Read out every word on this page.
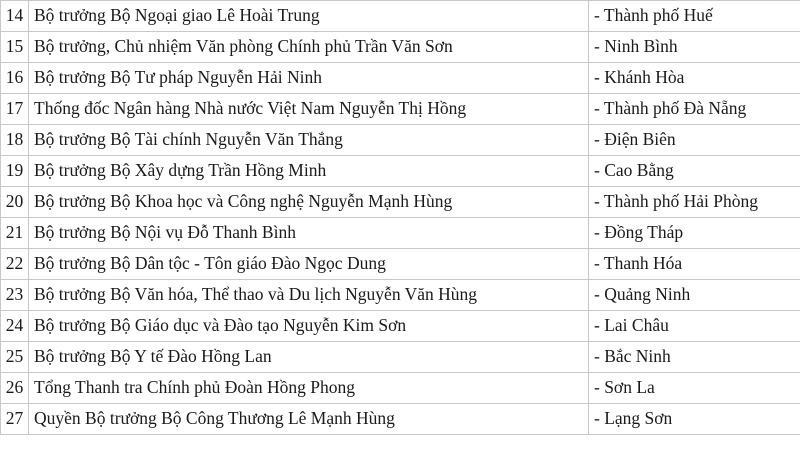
14	Bộ trưởng Bộ Ngoại giao Lê Hoài Trung	- Thành phố Huế
15	Bộ trưởng, Chủ nhiệm Văn phòng Chính phủ Trần Văn Sơn	- Ninh Bình
16	Bộ trưởng Bộ Tư pháp Nguyễn Hải Ninh	- Khánh Hòa
17	Thống đốc Ngân hàng Nhà nước Việt Nam Nguyễn Thị Hồng	- Thành phố Đà Nẵng
18	Bộ trưởng Bộ Tài chính Nguyễn Văn Thắng	- Điện Biên
19	Bộ trưởng Bộ Xây dựng Trần Hồng Minh	- Cao Bằng
20	Bộ trưởng Bộ Khoa học và Công nghệ Nguyễn Mạnh Hùng	- Thành phố Hải Phòng
21	Bộ trưởng Bộ Nội vụ Đỗ Thanh Bình	- Đồng Tháp
22	Bộ trưởng Bộ Dân tộc - Tôn giáo Đào Ngọc Dung	- Thanh Hóa
23	Bộ trưởng Bộ Văn hóa, Thể thao và Du lịch Nguyễn Văn Hùng	- Quảng Ninh
24	Bộ trưởng Bộ Giáo dục và Đào tạo Nguyễn Kim Sơn	- Lai Châu
25	Bộ trưởng Bộ Y tế Đào Hồng Lan	- Bắc Ninh
26	Tổng Thanh tra Chính phủ Đoàn Hồng Phong	- Sơn La
27	Quyền Bộ trưởng Bộ Công Thương Lê Mạnh Hùng	- Lạng Sơn
